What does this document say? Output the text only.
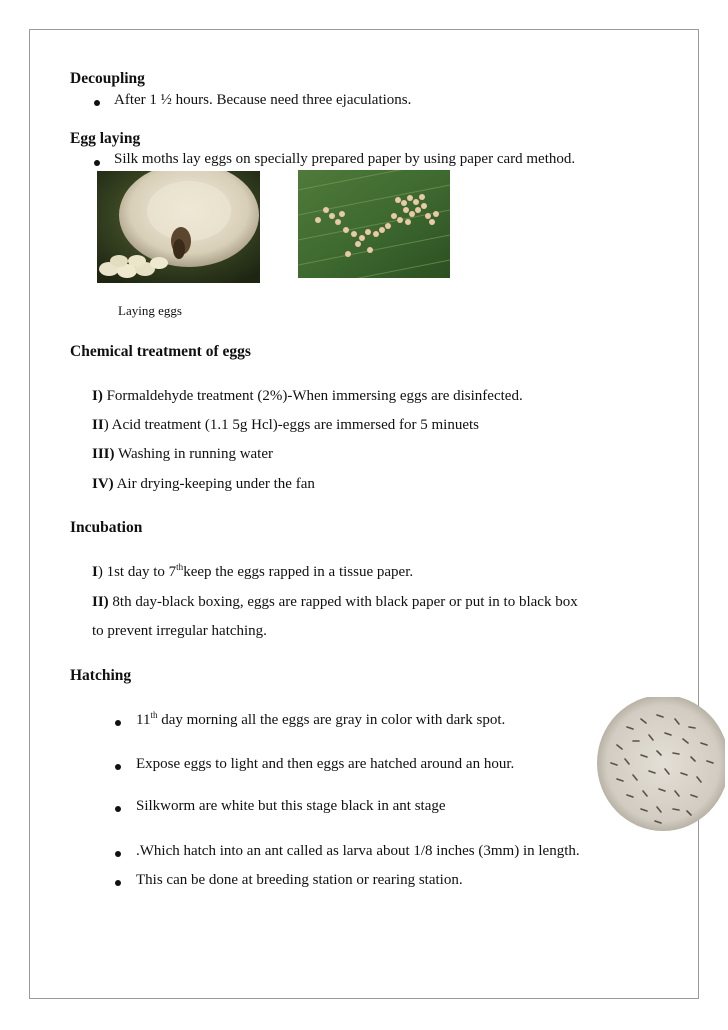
Decoupling
After 1 ½ hours. Because need three ejaculations.
Egg laying
Silk moths lay eggs on specially prepared paper by using paper card method.
Laying eggs
Chemical treatment of eggs
I) Formaldehyde treatment (2%)-When immersing eggs are disinfected.
II) Acid treatment (1.1 5g Hcl)-eggs are immersed for 5 minuets
III) Washing in running water
IV) Air drying-keeping under the fan
Incubation
I) 1st day to 7thkeep the eggs rapped in a tissue paper.
II) 8th day-black boxing, eggs are rapped with black paper or put in to black box
to prevent irregular hatching.
Hatching
11th day morning all the eggs are gray in color with dark spot.
Expose eggs to light and then eggs are hatched around an hour.
Silkworm are white but this stage black in ant stage
.Which hatch into an ant called as larva about 1/8 inches (3mm) in length.
This can be done at breeding station or rearing station.
